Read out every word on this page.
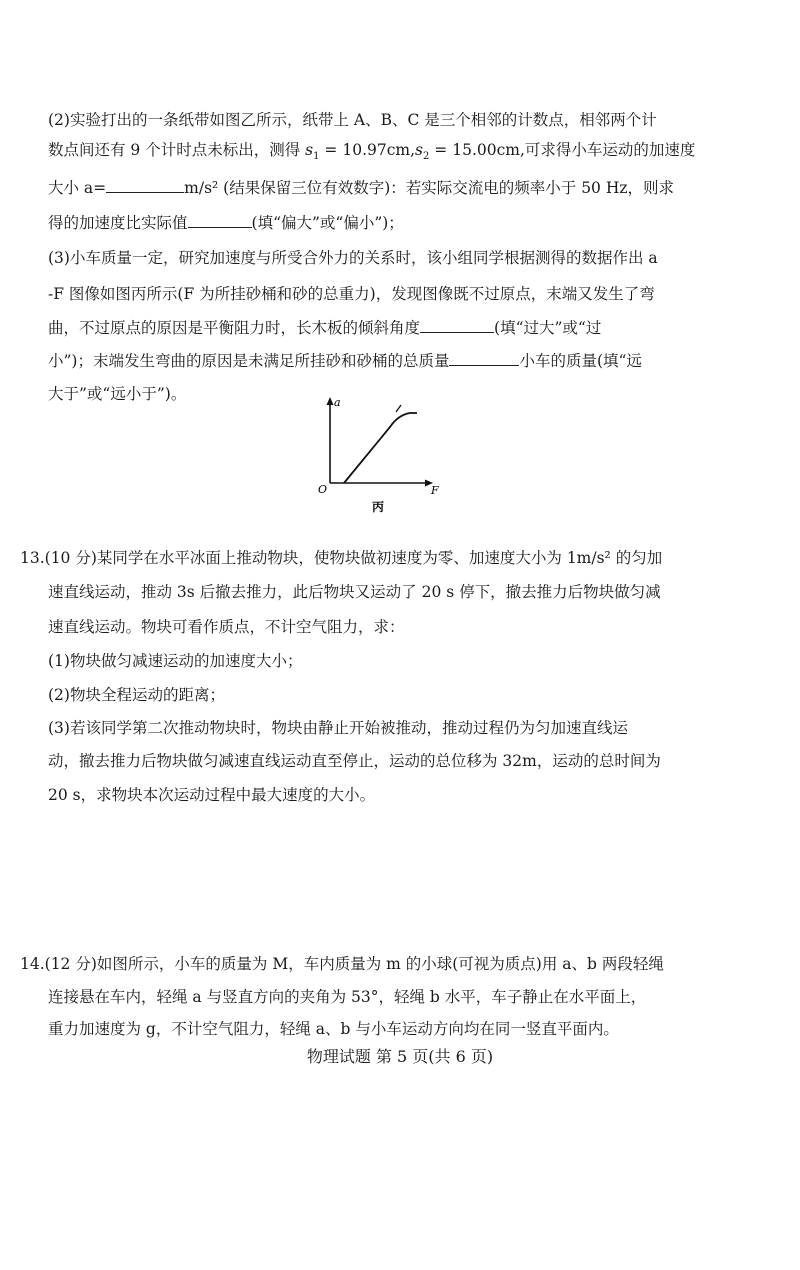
(2)实验打出的一条纸带如图乙所示，纸带上 A、B、C 是三个相邻的计数点，相邻两个计
数点间还有 9 个计时点未标出，测得 $s_1 = 10.97cm,s_2 = 15.00cm$,可求得小车运动的加速度
大小 a=	m/s² (结果保留三位有效数字)：若实际交流电的频率小于 50 Hz，则求
得的加速度比实际值	(填“偏大”或“偏小”)；
(3)小车质量一定，研究加速度与所受合外力的关系时，该小组同学根据测得的数据作出 a
-F 图像如图丙所示(F 为所挂砂桶和砂的总重力)，发现图像既不过原点，末端又发生了弯
曲，不过原点的原因是平衡阻力时，长木板的倾斜角度	(填“过大”或“过
小”)；末端发生弯曲的原因是未满足所挂砂和砂桶的总质量	小车的质量(填“远
大于”或“远小于”)。	a
F
O
丙
13.(10 分)某同学在水平冰面上推动物块，使物块做初速度为零、加速度大小为 1m/s² 的匀加
速直线运动，推动 3s 后撤去推力，此后物块又运动了 20 s 停下，撤去推力后物块做匀减
速直线运动。物块可看作质点，不计空气阻力，求：
(1)物块做匀减速运动的加速度大小；
(2)物块全程运动的距离；
(3)若该同学第二次推动物块时，物块由静止开始被推动，推动过程仍为匀加速直线运
动，撤去推力后物块做匀减速直线运动直至停止，运动的总位移为 32m，运动的总时间为
20 s，求物块本次运动过程中最大速度的大小。
14.(12 分)如图所示，小车的质量为 M，车内质量为 m 的小球(可视为质点)用 a、b 两段轻绳
连接悬在车内，轻绳 a 与竖直方向的夹角为 53°，轻绳 b 水平，车子静止在水平面上，
重力加速度为 g，不计空气阻力，轻绳 a、b 与小车运动方向均在同一竖直平面内。
物理试题 第 5 页(共 6 页)
